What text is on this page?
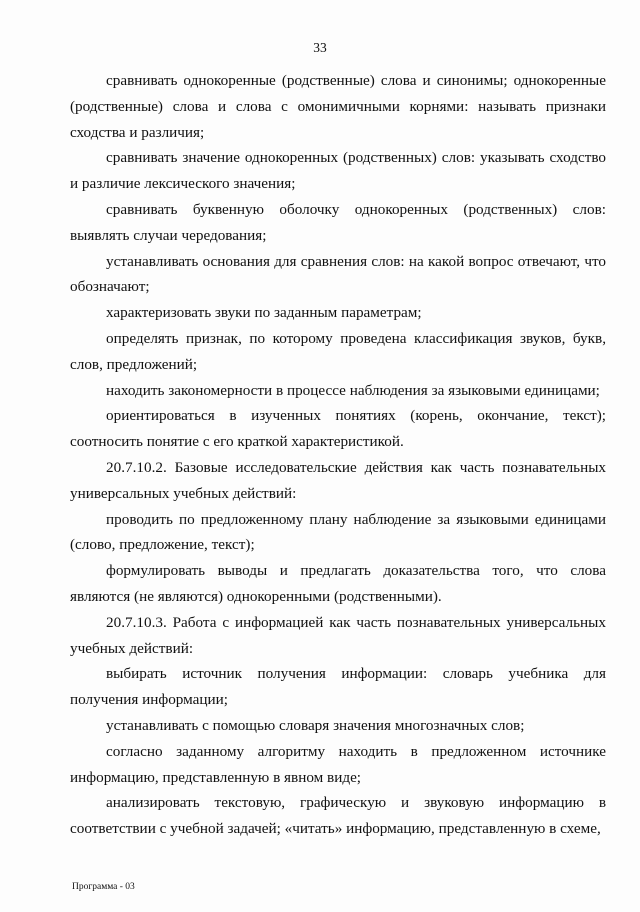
33

сравнивать однокоренные (родственные) слова и синонимы; однокоренные (родственные) слова и слова с омонимичными корнями: называть признаки сходства и различия;

сравнивать значение однокоренных (родственных) слов: указывать сходство и различие лексического значения;

сравнивать буквенную оболочку однокоренных (родственных) слов: выявлять случаи чередования;

устанавливать основания для сравнения слов: на какой вопрос отвечают, что обозначают;

характеризовать звуки по заданным параметрам;

определять признак, по которому проведена классификация звуков, букв, слов, предложений;

находить закономерности в процессе наблюдения за языковыми единицами;

ориентироваться в изученных понятиях (корень, окончание, текст); соотносить понятие с его краткой характеристикой.

20.7.10.2. Базовые исследовательские действия как часть познавательных универсальных учебных действий:

проводить по предложенному плану наблюдение за языковыми единицами (слово, предложение, текст);

формулировать выводы и предлагать доказательства того, что слова являются (не являются) однокоренными (родственными).

20.7.10.3. Работа с информацией как часть познавательных универсальных учебных действий:

выбирать источник получения информации: словарь учебника для получения информации;

устанавливать с помощью словаря значения многозначных слов;

согласно заданному алгоритму находить в предложенном источнике информацию, представленную в явном виде;

анализировать текстовую, графическую и звуковую информацию в соответствии с учебной задачей; «читать» информацию, представленную в схеме,

Программа - 03
